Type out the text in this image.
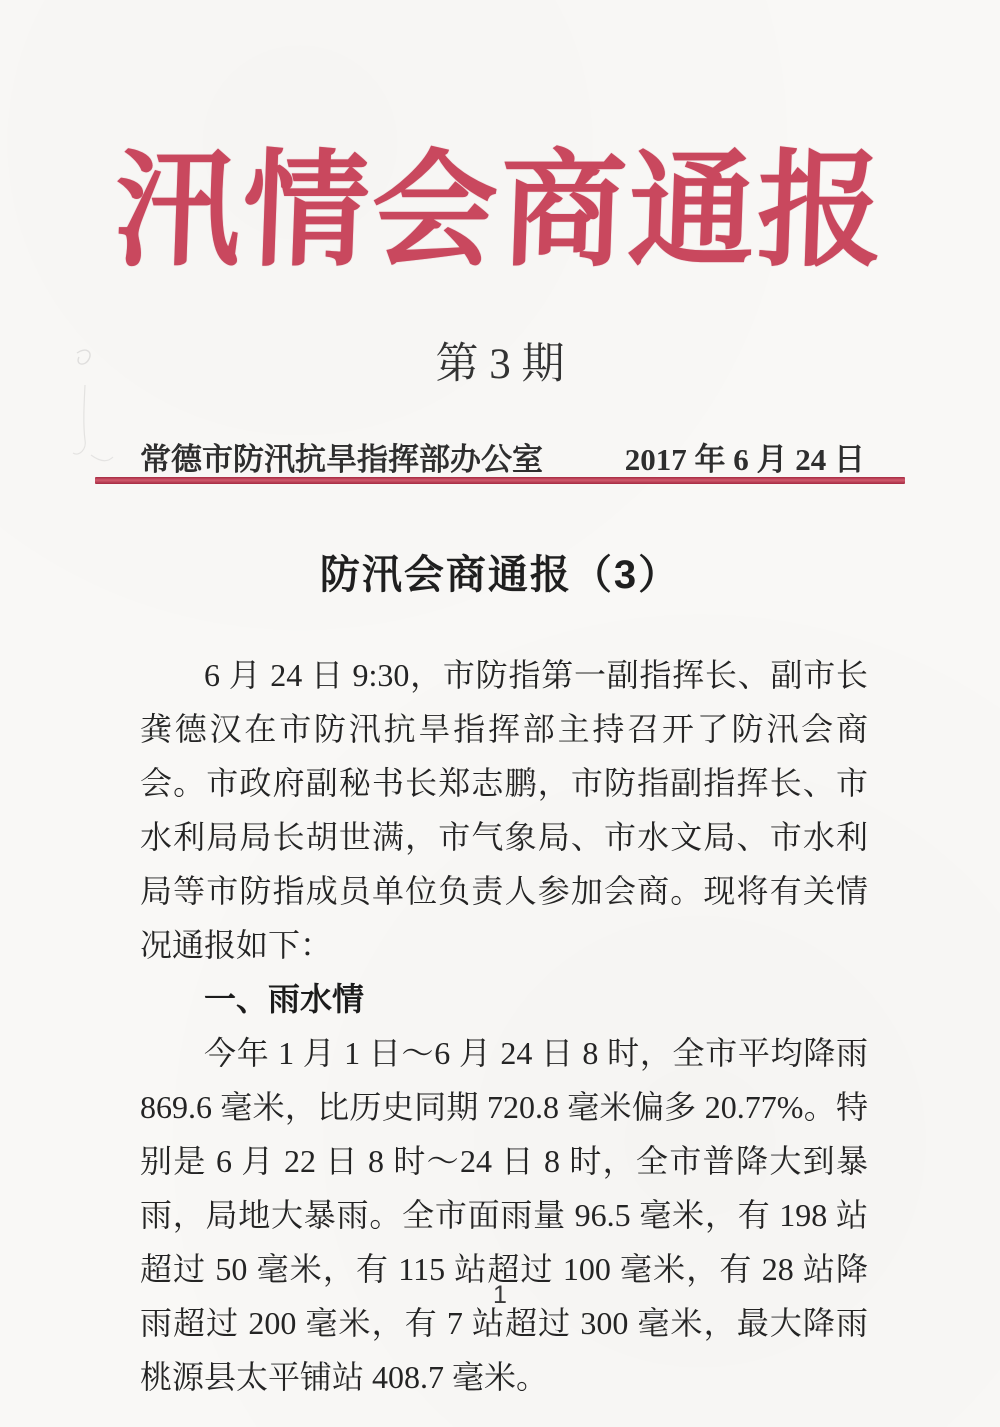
汛情会商通报
第 3 期
常德市防汛抗旱指挥部办公室	2017 年 6 月 24 日
防汛会商通报（3）

6 月 24 日 9:30，市防指第一副指挥长、副市长龚德汉在市防汛抗旱指挥部主持召开了防汛会商会。市政府副秘书长郑志鹏，市防指副指挥长、市水利局局长胡世满，市气象局、市水文局、市水利局等市防指成员单位负责人参加会商。现将有关情况通报如下：

一、雨水情

今年 1 月 1 日～6 月 24 日 8 时，全市平均降雨 869.6 毫米，比历史同期 720.8 毫米偏多 20.77%。特别是 6 月 22 日 8 时～24 日 8 时，全市普降大到暴雨，局地大暴雨。全市面雨量 96.5 毫米，有 198 站超过 50 毫米，有 115 站超过 100 毫米，有 28 站降雨超过 200 毫米，有 7 站超过 300 毫米，最大降雨桃源县太平铺站 408.7 毫米。

1
